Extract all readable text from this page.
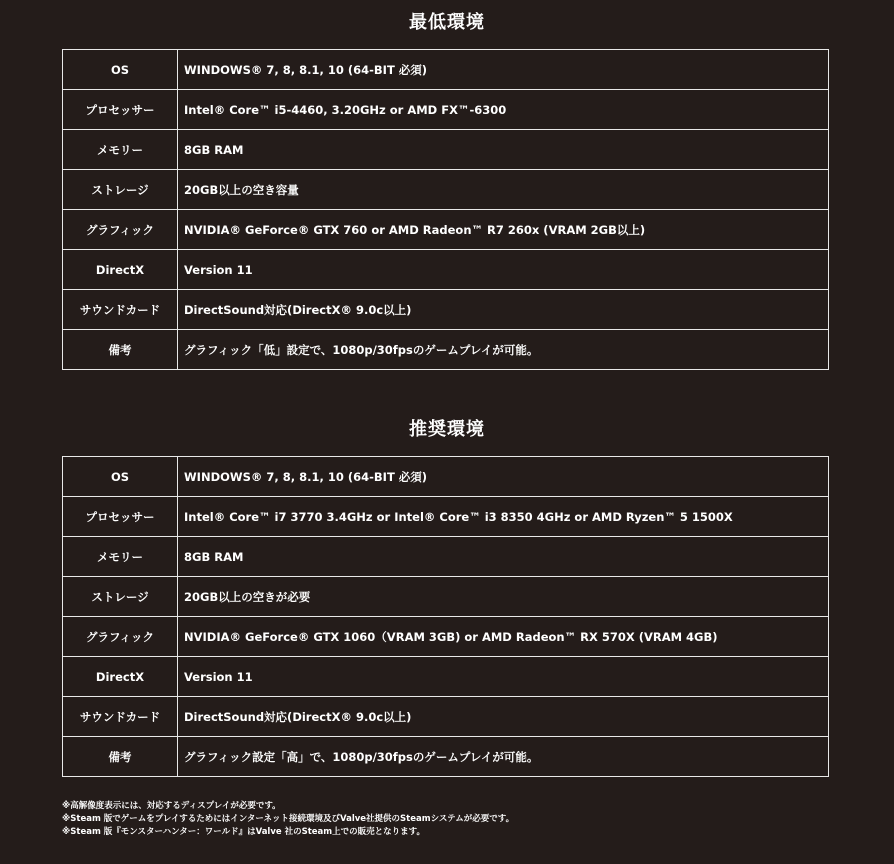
最低環境
OS	WINDOWS® 7, 8, 8.1, 10 (64-BIT 必須)
プロセッサー	Intel® Core™ i5-4460, 3.20GHz or AMD FX™-6300
メモリー	8GB RAM
ストレージ	20GB以上の空き容量
グラフィック	NVIDIA® GeForce® GTX 760 or AMD Radeon™ R7 260x (VRAM 2GB以上)
DirectX	Version 11
サウンドカード	DirectSound対応(DirectX® 9.0c以上)
備考	グラフィック「低」設定で、1080p/30fpsのゲームプレイが可能。
推奨環境
OS	WINDOWS® 7, 8, 8.1, 10 (64-BIT 必須)
プロセッサー	Intel® Core™ i7 3770 3.4GHz or Intel® Core™ i3 8350 4GHz or AMD Ryzen™ 5 1500X
メモリー	8GB RAM
ストレージ	20GB以上の空きが必要
グラフィック	NVIDIA® GeForce® GTX 1060（VRAM 3GB) or AMD Radeon™ RX 570X (VRAM 4GB)
DirectX	Version 11
サウンドカード	DirectSound対応(DirectX® 9.0c以上)
備考	グラフィック設定「高」で、1080p/30fpsのゲームプレイが可能。
※高解像度表示には、対応するディスプレイが必要です。
※Steam 版でゲームをプレイするためにはインターネット接続環境及びValve社提供のSteamシステムが必要です。
※Steam 版『モンスターハンター：ワールド』はValve 社のSteam上での販売となります。
